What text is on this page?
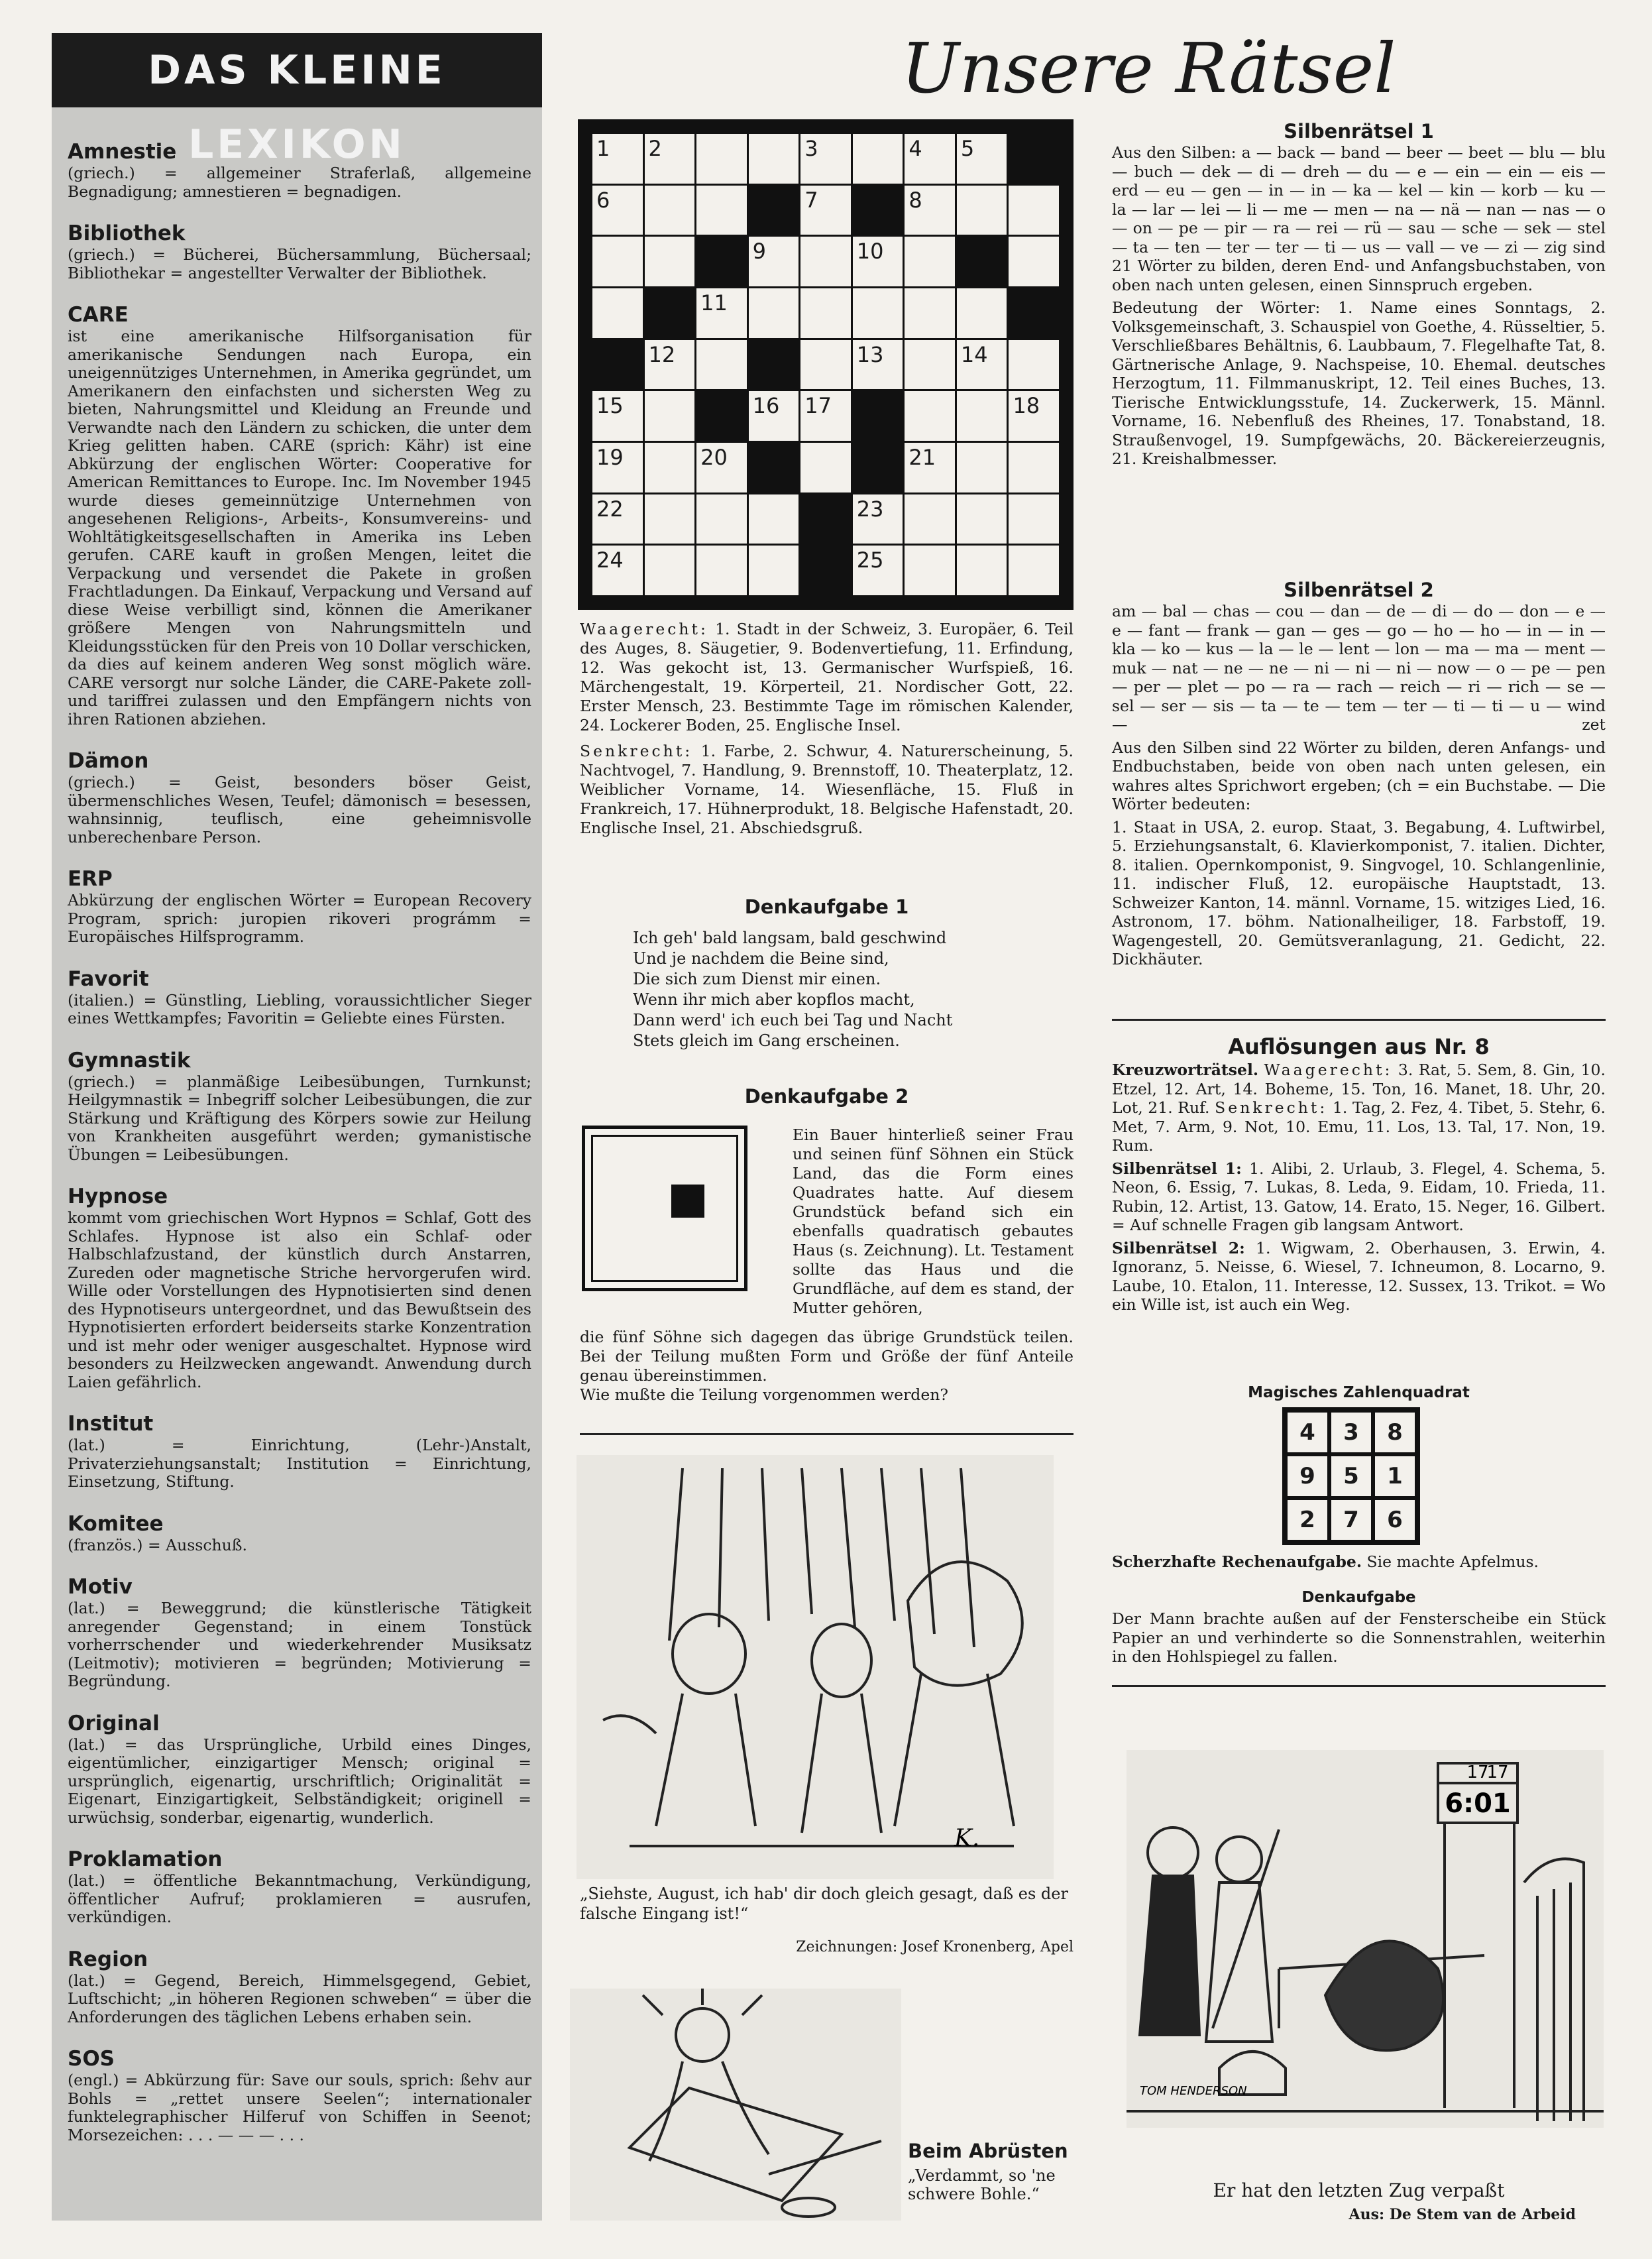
DAS KLEINE LEXIKON
Amnestie
(griech.) = allgemeiner Straferlaß, allgemeine Begnadigung; amnestieren = begnadigen.
Bibliothek
(griech.) = Bücherei, Büchersammlung, Büchersaal; Bibliothekar = angestellter Verwalter der Bibliothek.
CARE
ist eine amerikanische Hilfsorganisation für amerikanische Sendungen nach Europa, ein uneigennütziges Unternehmen, in Amerika gegründet, um Amerikanern den einfachsten und sichersten Weg zu bieten, Nahrungsmittel und Kleidung an Freunde und Verwandte nach den Ländern zu schicken, die unter dem Krieg gelitten haben. CARE (sprich: Kähr) ist eine Abkürzung der englischen Wörter: Cooperative for American Remittances to Europe. Inc. Im November 1945 wurde dieses gemeinnützige Unternehmen von angesehenen Religions-, Arbeits-, Konsumvereins- und Wohltätigkeitsgesellschaften in Amerika ins Leben gerufen. CARE kauft in großen Mengen, leitet die Verpackung und versendet die Pakete in großen Frachtladungen. Da Einkauf, Verpackung und Versand auf diese Weise verbilligt sind, können die Amerikaner größere Mengen von Nahrungsmitteln und Kleidungsstücken für den Preis von 10 Dollar verschicken, da dies auf keinem anderen Weg sonst möglich wäre. CARE versorgt nur solche Länder, die CARE-Pakete zoll- und tariffrei zulassen und den Empfängern nichts von ihren Rationen abziehen.
Dämon
(griech.) = Geist, besonders böser Geist, übermenschliches Wesen, Teufel; dämonisch = besessen, wahnsinnig, teuflisch, eine geheimnisvolle unberechenbare Person.
ERP
Abkürzung der englischen Wörter = European Recovery Program, sprich: juropien rikoveri prográmm = Europäisches Hilfsprogramm.
Favorit
(italien.) = Günstling, Liebling, voraussichtlicher Sieger eines Wettkampfes; Favoritin = Geliebte eines Fürsten.
Gymnastik
(griech.) = planmäßige Leibesübungen, Turnkunst; Heilgymnastik = Inbegriff solcher Leibesübungen, die zur Stärkung und Kräftigung des Körpers sowie zur Heilung von Krankheiten ausgeführt werden; gymanistische Übungen = Leibesübungen.
Hypnose
kommt vom griechischen Wort Hypnos = Schlaf, Gott des Schlafes. Hypnose ist also ein Schlaf- oder Halbschlafzustand, der künstlich durch Anstarren, Zureden oder magnetische Striche hervorgerufen wird. Wille oder Vorstellungen des Hypnotisierten sind denen des Hypnotiseurs untergeordnet, und das Bewußtsein des Hypnotisierten erfordert beiderseits starke Konzentration und ist mehr oder weniger ausgeschaltet. Hypnose wird besonders zu Heilzwecken angewandt. Anwendung durch Laien gefährlich.
Institut
(lat.) = Einrichtung, (Lehr-)Anstalt, Privaterziehungsanstalt; Institution = Einrichtung, Einsetzung, Stiftung.
Komitee
(französ.) = Ausschuß.
Motiv
(lat.) = Beweggrund; die künstlerische Tätigkeit anregender Gegenstand; in einem Tonstück vorherrschender und wiederkehrender Musiksatz (Leitmotiv); motivieren = begründen; Motivierung = Begründung.
Original
(lat.) = das Ursprüngliche, Urbild eines Dinges, eigentümlicher, einzigartiger Mensch; original = ursprünglich, eigenartig, urschriftlich; Originalität = Eigenart, Einzigartigkeit, Selbständigkeit; originell = urwüchsig, sonderbar, eigenartig, wunderlich.
Proklamation
(lat.) = öffentliche Bekanntmachung, Verkündigung, öffentlicher Aufruf; proklamieren = ausrufen, verkündigen.
Region
(lat.) = Gegend, Bereich, Himmelsgegend, Gebiet, Luftschicht; „in höheren Regionen schweben“ = über die Anforderungen des täglichen Lebens erhaben sein.
SOS
(engl.) = Abkürzung für: Save our souls, sprich: ßehv aur Bohls = „rettet unsere Seelen“; internationaler funktelegraphischer Hilferuf von Schiffen in Seenot; Morsezeichen: . . . — — — . . .
Unsere Rätsel
1 2	3	4 5
6	7	8
9	10
11
12	13	14
15	16 17	18
19	20	21
22	23
24	25

Waagerecht: 1. Stadt in der Schweiz, 3. Europäer, 6. Teil des Auges, 8. Säugetier, 9. Bodenvertiefung, 11. Erfindung, 12. Was gekocht ist, 13. Germanischer Wurfspieß, 16. Märchengestalt, 19. Körperteil, 21. Nordischer Gott, 22. Erster Mensch, 23. Bestimmte Tage im römischen Kalender, 24. Lockerer Boden, 25. Englische Insel.

Senkrecht: 1. Farbe, 2. Schwur, 4. Naturerscheinung, 5. Nachtvogel, 7. Handlung, 9. Brennstoff, 10. Theaterplatz, 12. Weiblicher Vorname, 14. Wiesenfläche, 15. Fluß in Frankreich, 17. Hühnerprodukt, 18. Belgische Hafenstadt, 20. Englische Insel, 21. Abschiedsgruß.

Denkaufgabe 1
Ich geh' bald langsam, bald geschwind
Und je nachdem die Beine sind,
Die sich zum Dienst mir einen.
Wenn ihr mich aber kopflos macht,
Dann werd' ich euch bei Tag und Nacht
Stets gleich im Gang erscheinen.
Denkaufgabe 2
Ein Bauer hinterließ seiner Frau und seinen fünf Söhnen ein Stück Land, das die Form eines Quadrates hatte. Auf diesem Grundstück befand sich ein ebenfalls quadratisch gebautes Haus (s. Zeichnung). Lt. Testament sollte das Haus und die Grundfläche, auf dem es stand, der Mutter gehören,
die fünf Söhne sich dagegen das übrige Grundstück teilen. Bei der Teilung mußten Form und Größe der fünf Anteile genau übereinstimmen.
Wie mußte die Teilung vorgenommen werden?
K.
„Siehste, August, ich hab' dir doch gleich gesagt, daß es der falsche Eingang ist!“
Zeichnungen: Josef Kronenberg, Apel
Beim Abrüsten
„Verdammt, so 'ne schwere Bohle.“
Silbenrätsel 1

Aus den Silben: a — back — band — beer — beet — blu — blu — buch — dek — di — dreh — du — e — ein — ein — eis — erd — eu — gen — in — in — ka — kel — kin — korb — ku — la — lar — lei — li — me — men — na — nä — nan — nas — o — on — pe — pir — ra — rei — rü — sau — sche — sek — stel — ta — ten — ter — ter — ti — us — vall — ve — zi — zig sind 21 Wörter zu bilden, deren End- und Anfangsbuchstaben, von oben nach unten gelesen, einen Sinnspruch ergeben.

Bedeutung der Wörter: 1. Name eines Sonntags, 2. Volksgemeinschaft, 3. Schauspiel von Goethe, 4. Rüsseltier, 5. Verschließbares Behältnis, 6. Laubbaum, 7. Flegelhafte Tat, 8. Gärtnerische Anlage, 9. Nachspeise, 10. Ehemal. deutsches Herzogtum, 11. Filmmanuskript, 12. Teil eines Buches, 13. Tierische Entwicklungsstufe, 14. Zuckerwerk, 15. Männl. Vorname, 16. Nebenfluß des Rheines, 17. Tonabstand, 18. Straußenvogel, 19. Sumpfgewächs, 20. Bäckereierzeugnis, 21. Kreishalbmesser.

Silbenrätsel 2

am — bal — chas — cou — dan — de — di — do — don — e — e — fant — frank — gan — ges — go — ho — ho — in — in — kla — ko — kus — la — le — lent — lon — ma — ma — ment — muk — nat — ne — ne — ni — ni — ni — now — o — pe — pen — per — plet — po — ra — rach — reich — ri — rich — se — sel — ser — sis — ta — te — tem — ter — ti — ti — u — wind — zet

Aus den Silben sind 22 Wörter zu bilden, deren Anfangs- und Endbuchstaben, beide von oben nach unten gelesen, ein wahres altes Sprichwort ergeben; (ch = ein Buchstabe. — Die Wörter bedeuten:

1. Staat in USA, 2. europ. Staat, 3. Begabung, 4. Luftwirbel, 5. Erziehungsanstalt, 6. Klavierkomponist, 7. italien. Dichter, 8. italien. Opernkomponist, 9. Singvogel, 10. Schlangenlinie, 11. indischer Fluß, 12. europäische Hauptstadt, 13. Schweizer Kanton, 14. männl. Vorname, 15. witziges Lied, 16. Astronom, 17. böhm. Nationalheiliger, 18. Farbstoff, 19. Wagengestell, 20. Gemütsveranlagung, 21. Gedicht, 22. Dickhäuter.

Auflösungen aus Nr. 8

Kreuzworträtsel. Waagerecht: 3. Rat, 5. Sem, 8. Gin, 10. Etzel, 12. Art, 14. Boheme, 15. Ton, 16. Manet, 18. Uhr, 20. Lot, 21. Ruf. Senkrecht: 1. Tag, 2. Fez, 4. Tibet, 5. Stehr, 6. Met, 7. Arm, 9. Not, 10. Emu, 11. Los, 13. Tal, 17. Non, 19. Rum.

Silbenrätsel 1: 1. Alibi, 2. Urlaub, 3. Flegel, 4. Schema, 5. Neon, 6. Essig, 7. Lukas, 8. Leda, 9. Eidam, 10. Frieda, 11. Rubin, 12. Artist, 13. Gatow, 14. Erato, 15. Neger, 16. Gilbert. = Auf schnelle Fragen gib langsam Antwort.

Silbenrätsel 2: 1. Wigwam, 2. Oberhausen, 3. Erwin, 4. Ignoranz, 5. Neisse, 6. Wiesel, 7. Ichneumon, 8. Locarno, 9. Laube, 10. Etalon, 11. Interesse, 12. Sussex, 13. Trikot. = Wo ein Wille ist, ist auch ein Weg.

Magisches Zahlenquadrat
4	3	8
9	5	1
2	7	6
Scherzhafte Rechenaufgabe. Sie machte Apfelmus.
Denkaufgabe
Der Mann brachte außen auf der Fensterscheibe ein Stück Papier an und verhinderte so die Sonnenstrahlen, weiterhin in den Hohlspiegel zu fallen.
17
17
6:01
TOM HENDERSON
Er hat den letzten Zug verpaßt
Aus: De Stem van de Arbeid
